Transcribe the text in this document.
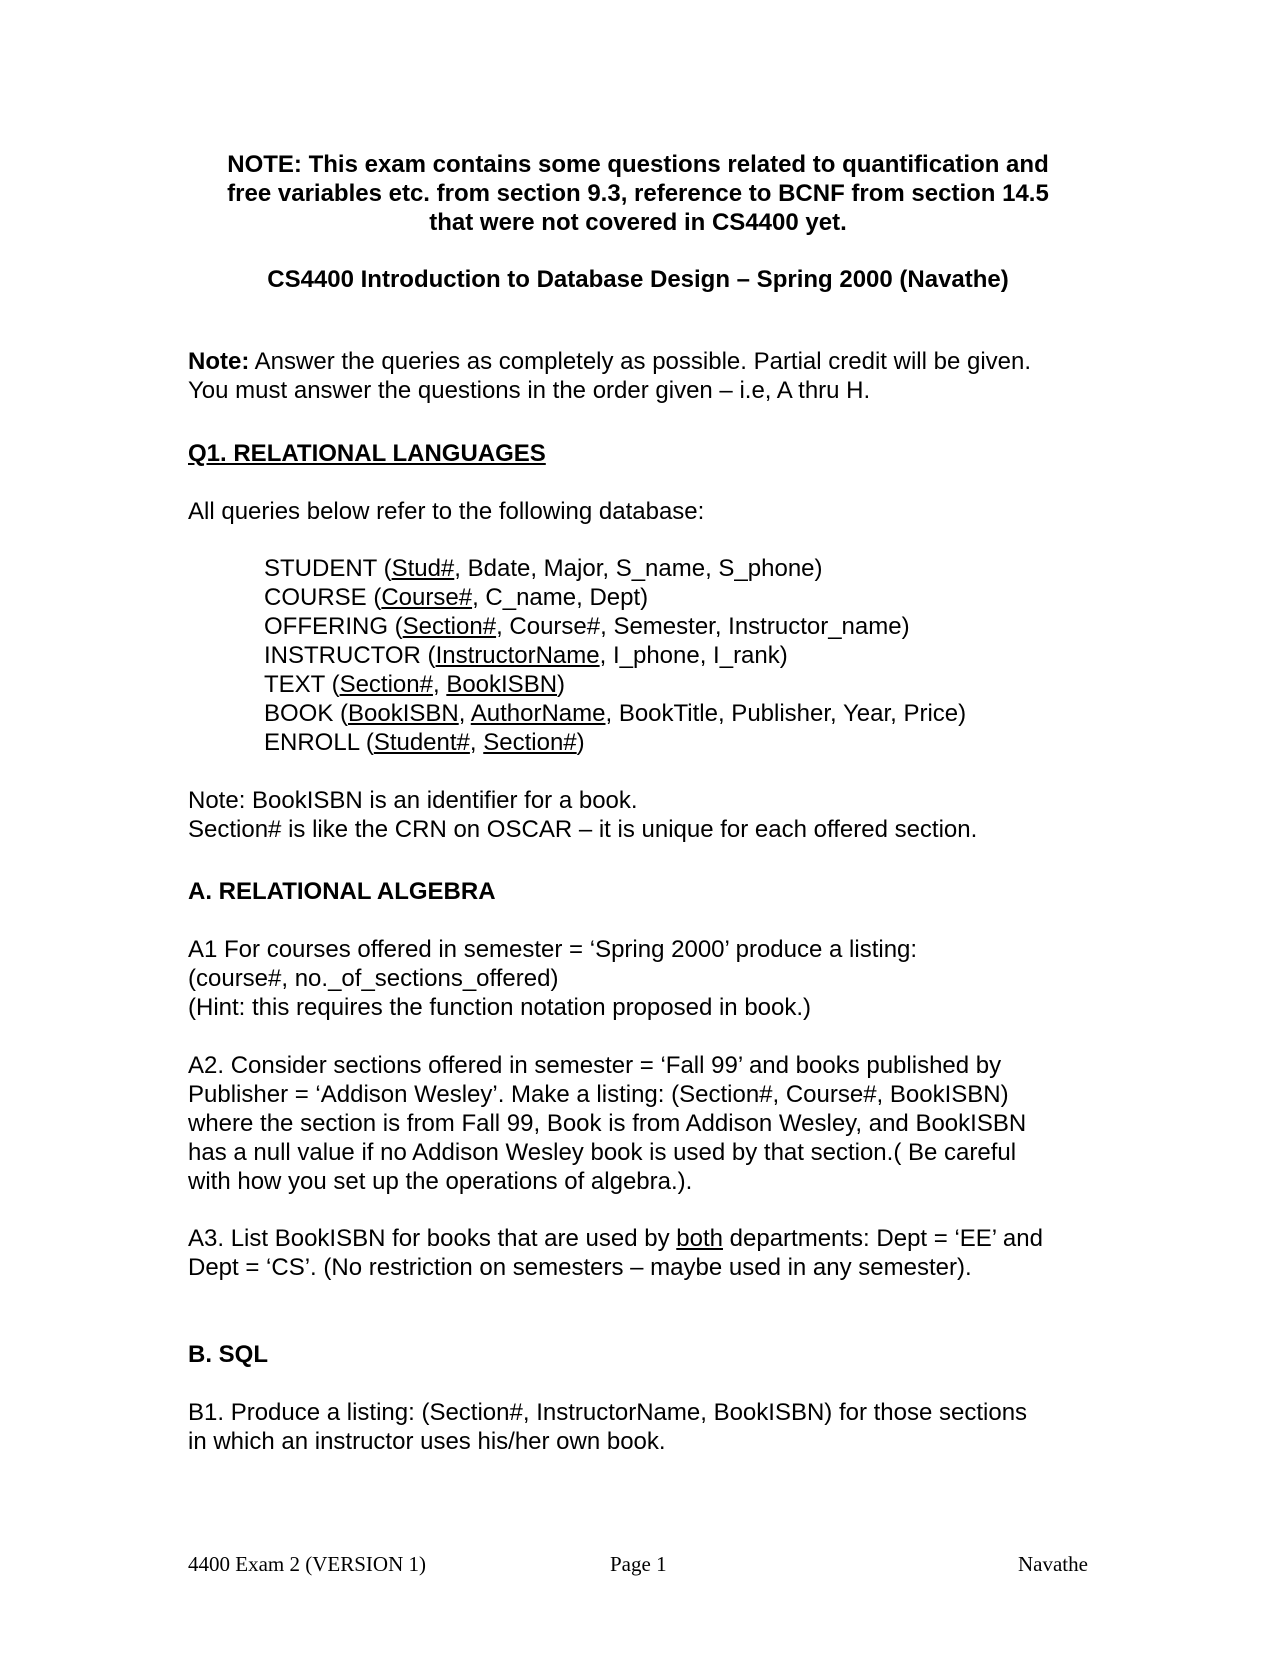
NOTE: This exam contains some questions related to quantification and

free variables etc. from section 9.3, reference to BCNF from section 14.5

that were not covered in CS4400 yet.

CS4400 Introduction to Database Design – Spring 2000 (Navathe)

Note: Answer the queries as completely as possible. Partial credit will be given.

You must answer the questions in the order given – i.e, A thru H.

Q1. RELATIONAL LANGUAGES
All queries below refer to the following database:

STUDENT (Stud#, Bdate, Major, S_name, S_phone)

COURSE (Course#, C_name, Dept)

OFFERING (Section#, Course#, Semester, Instructor_name)

INSTRUCTOR (InstructorName, I_phone, I_rank)

TEXT (Section#, BookISBN)

BOOK (BookISBN, AuthorName, BookTitle, Publisher, Year, Price)

ENROLL (Student#, Section#)

Note: BookISBN is an identifier for a book.

Section# is like the CRN on OSCAR – it is unique for each offered section.

A. RELATIONAL ALGEBRA

A1 For courses offered in semester = ‘Spring 2000’ produce a listing:

(course#, no._of_sections_offered)

(Hint: this requires the function notation proposed in book.)

A2. Consider sections offered in semester = ‘Fall 99’ and books published by

Publisher = ‘Addison Wesley’. Make a listing: (Section#, Course#, BookISBN)

where the section is from Fall 99, Book is from Addison Wesley, and BookISBN

has a null value if no Addison Wesley book is used by that section.( Be careful

with how you set up the operations of algebra.).

A3. List BookISBN for books that are used by both departments: Dept = ‘EE’ and

Dept = ‘CS’. (No restriction on semesters – maybe used in any semester).

B. SQL

B1. Produce a listing: (Section#, InstructorName, BookISBN) for those sections

in which an instructor uses his/her own book.

4400 Exam 2 (VERSION 1)	Page 1	Navathe
